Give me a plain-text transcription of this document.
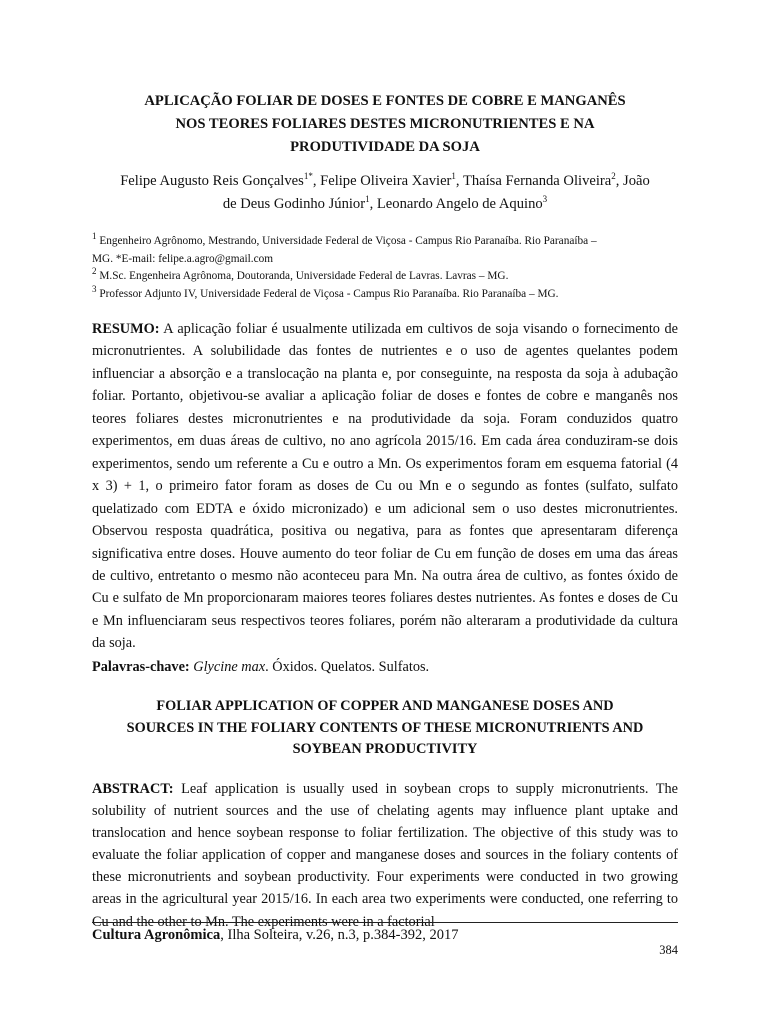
APLICAÇÃO FOLIAR DE DOSES E FONTES DE COBRE E MANGANÊS

NOS TEORES FOLIARES DESTES MICRONUTRIENTES E NA

PRODUTIVIDADE DA SOJA

Felipe Augusto Reis Gonçalves$^{1*}$, Felipe Oliveira Xavier$^1$, Thaísa Fernanda Oliveira$^2$, João

de Deus Godinho Júnior$^1$, Leonardo Angelo de Aquino$^3$

$^1$ Engenheiro Agrônomo, Mestrando, Universidade Federal de Viçosa - Campus Rio Paranaíba. Rio Paranaíba –

MG. *E-mail: felipe.a.agro@gmail.com

$^2$ M.Sc. Engenheira Agrônoma, Doutoranda, Universidade Federal de Lavras. Lavras – MG.

$^3$ Professor Adjunto IV, Universidade Federal de Viçosa - Campus Rio Paranaíba. Rio Paranaíba – MG.

RESUMO: A aplicação foliar é usualmente utilizada em cultivos de soja visando o fornecimento de micronutrientes. A solubilidade das fontes de nutrientes e o uso de agentes quelantes podem influenciar a absorção e a translocação na planta e, por conseguinte, na resposta da soja à adubação foliar. Portanto, objetivou-se avaliar a aplicação foliar de doses e fontes de cobre e manganês nos teores foliares destes micronutrientes e na produtividade da soja. Foram conduzidos quatro experimentos, em duas áreas de cultivo, no ano agrícola 2015/16. Em cada área conduziram-se dois experimentos, sendo um referente a Cu e outro a Mn. Os experimentos foram em esquema fatorial (4 x 3) + 1, o primeiro fator foram as doses de Cu ou Mn e o segundo as fontes (sulfato, sulfato quelatizado com EDTA e óxido micronizado) e um adicional sem o uso destes micronutrientes. Observou resposta quadrática, positiva ou negativa, para as fontes que apresentaram diferença significativa entre doses. Houve aumento do teor foliar de Cu em função de doses em uma das áreas de cultivo, entretanto o mesmo não aconteceu para Mn. Na outra área de cultivo, as fontes óxido de Cu e sulfato de Mn proporcionaram maiores teores foliares destes nutrientes. As fontes e doses de Cu e Mn influenciaram seus respectivos teores foliares, porém não alteraram a produtividade da cultura da soja.

Palavras-chave: Glycine max. Óxidos. Quelatos. Sulfatos.

FOLIAR APPLICATION OF COPPER AND MANGANESE DOSES AND

SOURCES IN THE FOLIARY CONTENTS OF THESE MICRONUTRIENTS AND

SOYBEAN PRODUCTIVITY

ABSTRACT: Leaf application is usually used in soybean crops to supply micronutrients. The solubility of nutrient sources and the use of chelating agents may influence plant uptake and translocation and hence soybean response to foliar fertilization. The objective of this study was to evaluate the foliar application of copper and manganese doses and sources in the foliary contents of these micronutrients and soybean productivity. Four experiments were conducted in two growing areas in the agricultural year 2015/16. In each area two experiments were conducted, one referring to Cu and the other to Mn. The experiments were in a factorial

Cultura Agronômica, Ilha Solteira, v.26, n.3, p.384-392, 2017

384
